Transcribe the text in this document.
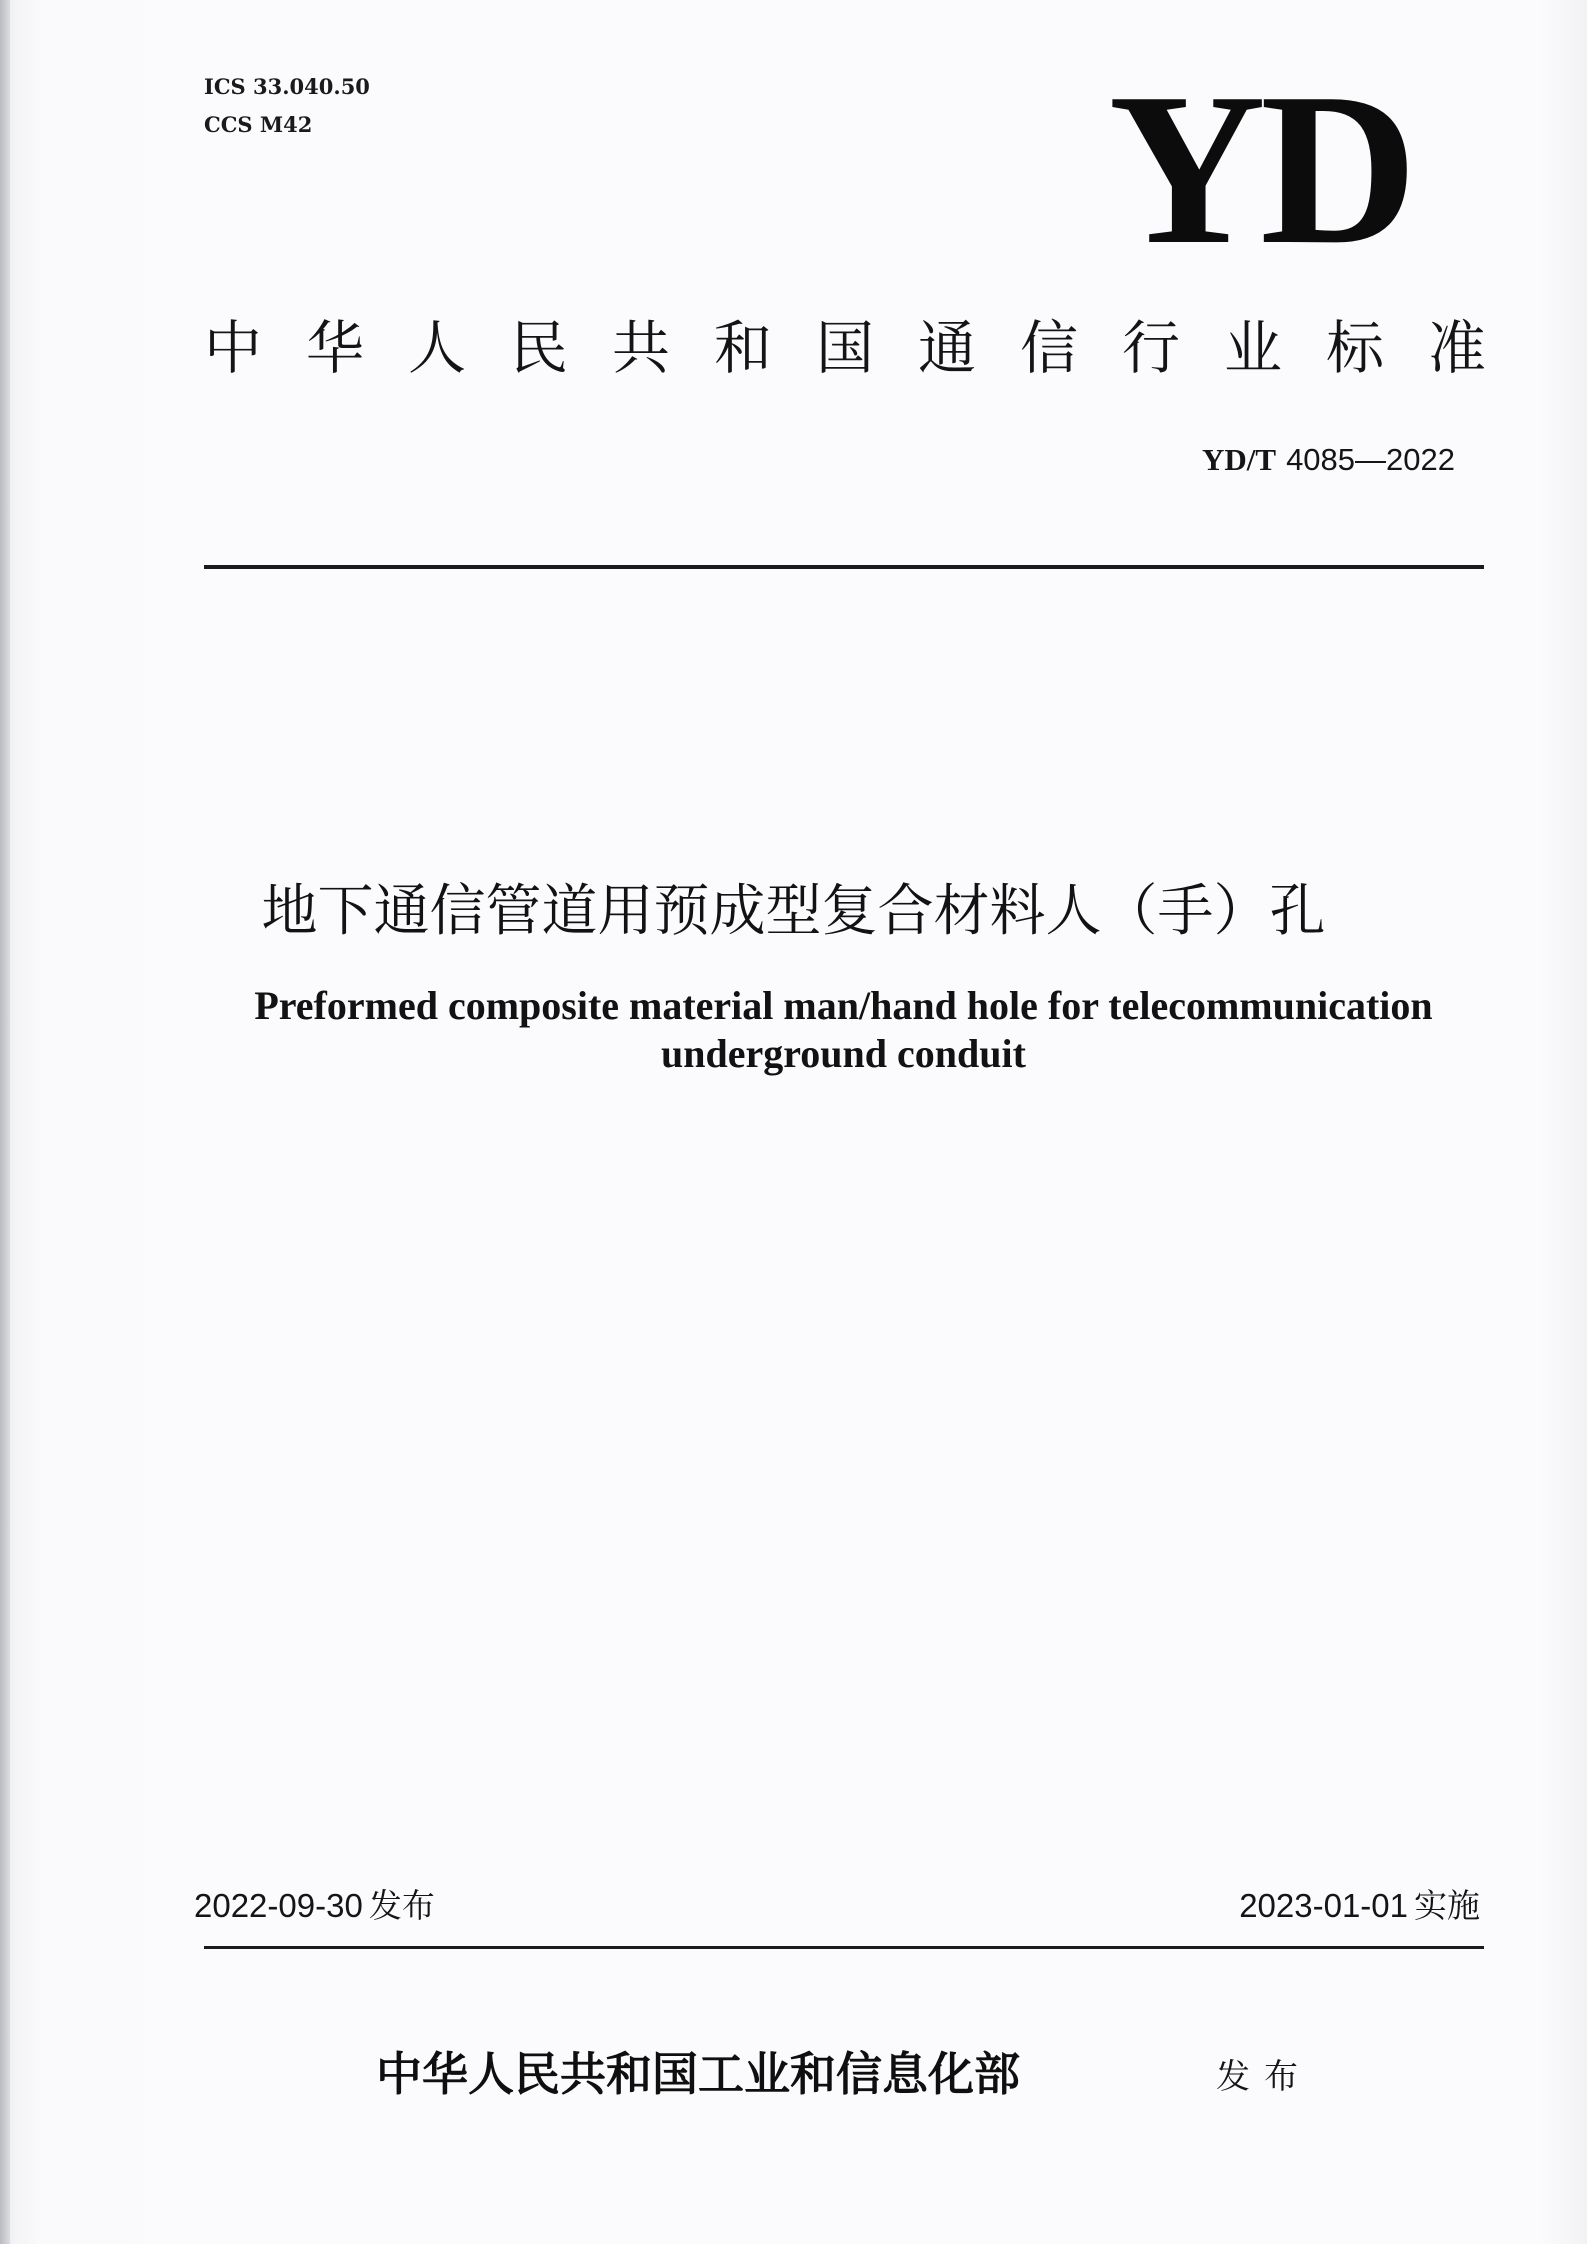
ICS 33.040.50
CCS M42	YD
中华人民共和国通信行业标准
YD/T 4085—2022
地下通信管道用预成型复合材料人（手）孔
Preformed composite material man/hand hole for telecommunication
underground conduit
2022-09-30 发布	2023-01-01 实施
中华人民共和国工业和信息化部	发布
